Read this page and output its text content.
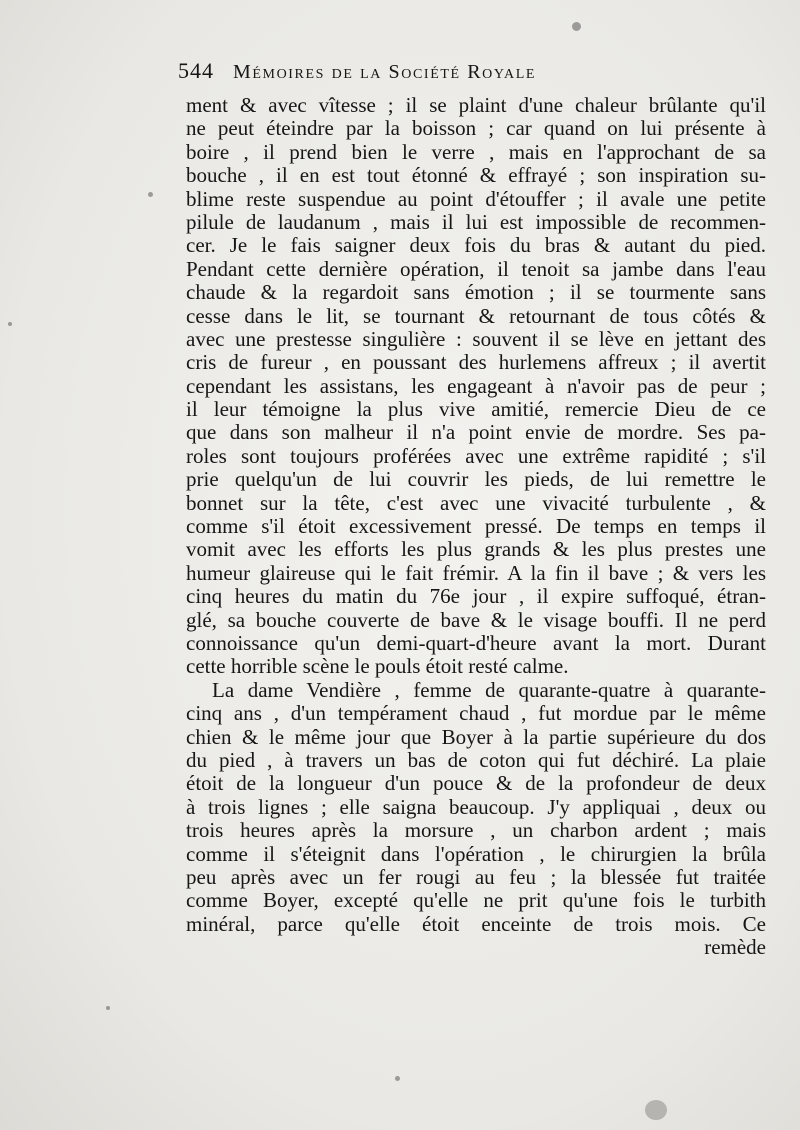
544 Mémoires de la Société Royale
ment & avec vîtesse ; il se plaint d'une chaleur brûlante qu'il
ne peut éteindre par la boisson ; car quand on lui présente à
boire , il prend bien le verre , mais en l'approchant de sa
bouche , il en est tout étonné & effrayé ; son inspiration su-
blime reste suspendue au point d'étouffer ; il avale une petite
pilule de laudanum , mais il lui est impossible de recommen-
cer. Je le fais saigner deux fois du bras & autant du pied.
Pendant cette dernière opération, il tenoit sa jambe dans l'eau
chaude & la regardoit sans émotion ; il se tourmente sans
cesse dans le lit, se tournant & retournant de tous côtés &
avec une prestesse singulière : souvent il se lève en jettant des
cris de fureur , en poussant des hurlemens affreux ; il avertit
cependant les assistans, les engageant à n'avoir pas de peur ;
il leur témoigne la plus vive amitié, remercie Dieu de ce
que dans son malheur il n'a point envie de mordre. Ses pa-
roles sont toujours proférées avec une extrême rapidité ; s'il
prie quelqu'un de lui couvrir les pieds, de lui remettre le
bonnet sur la tête, c'est avec une vivacité turbulente , &
comme s'il étoit excessivement pressé. De temps en temps il
vomit avec les efforts les plus grands & les plus prestes une
humeur glaireuse qui le fait frémir. A la fin il bave ; & vers les
cinq heures du matin du 76e jour , il expire suffoqué, étran-
glé, sa bouche couverte de bave & le visage bouffi. Il ne perd
connoissance qu'un demi-quart-d'heure avant la mort. Durant
cette horrible scène le pouls étoit resté calme.
La dame Vendière , femme de quarante-quatre à quarante-
cinq ans , d'un tempérament chaud , fut mordue par le même
chien & le même jour que Boyer à la partie supérieure du dos
du pied , à travers un bas de coton qui fut déchiré. La plaie
étoit de la longueur d'un pouce & de la profondeur de deux
à trois lignes ; elle saigna beaucoup. J'y appliquai , deux ou
trois heures après la morsure , un charbon ardent ; mais
comme il s'éteignit dans l'opération , le chirurgien la brûla
peu après avec un fer rougi au feu ; la blessée fut traitée
comme Boyer, excepté qu'elle ne prit qu'une fois le turbith
minéral, parce qu'elle étoit enceinte de trois mois. Ce
remède
